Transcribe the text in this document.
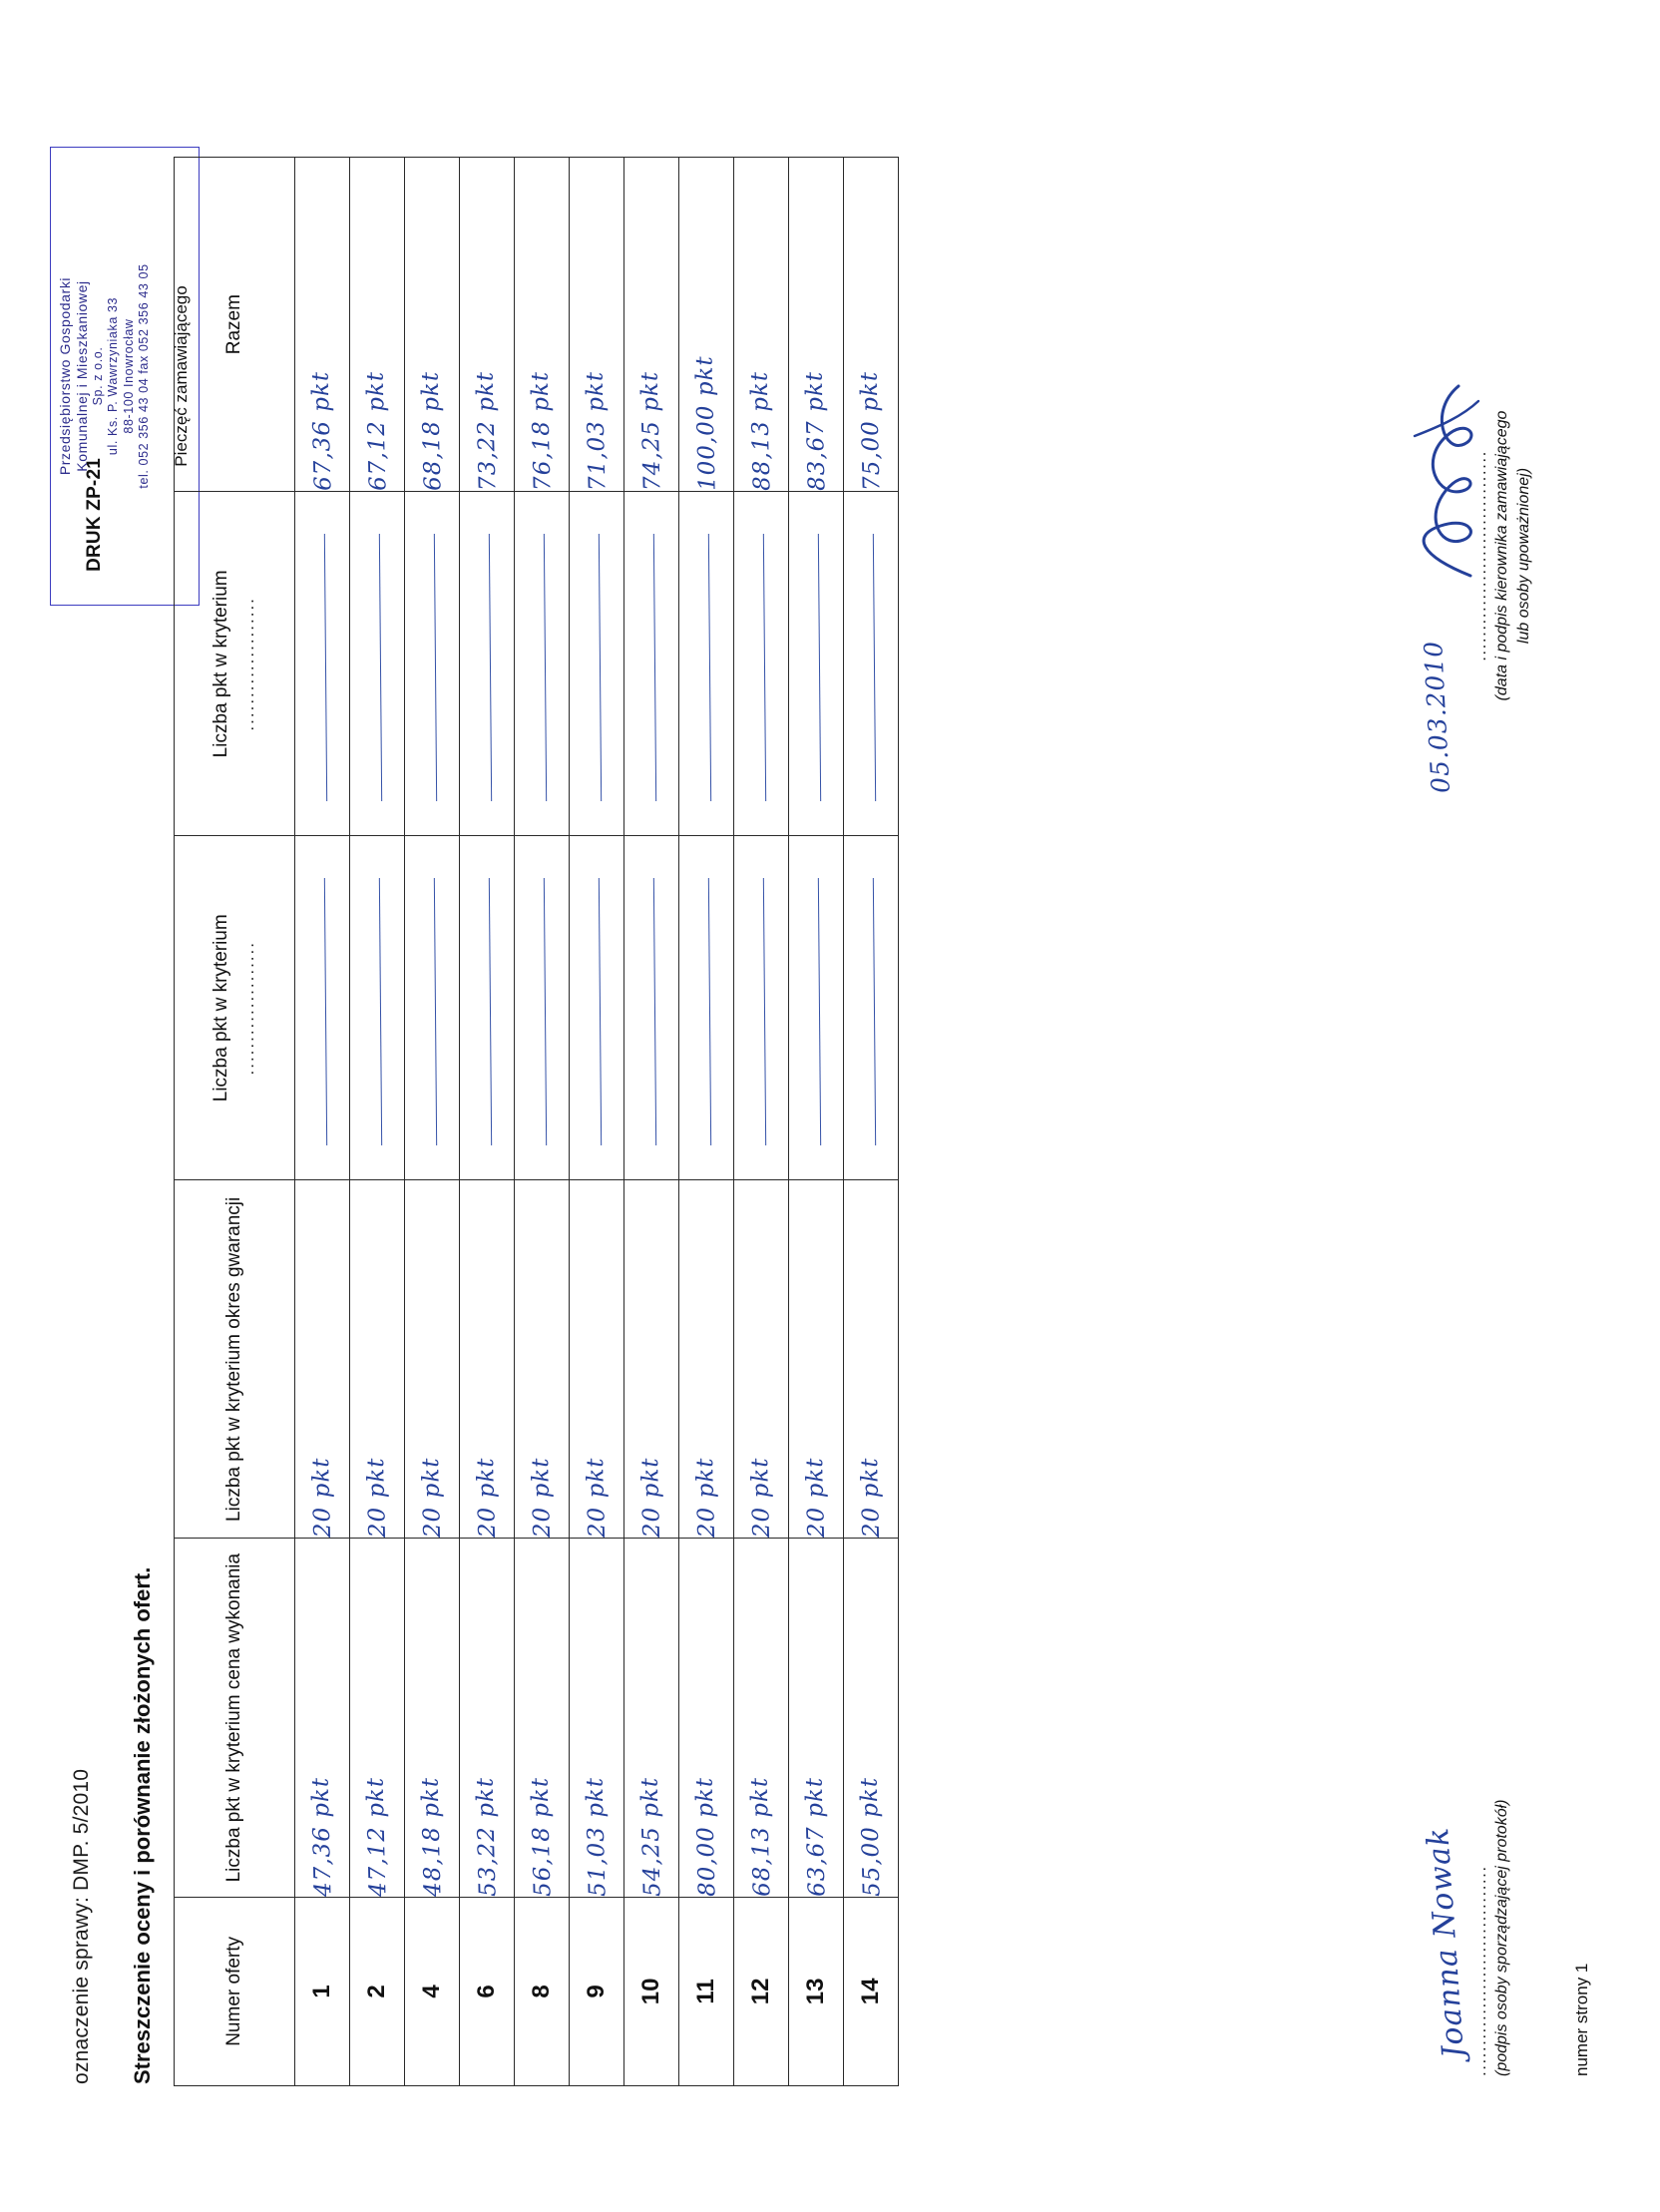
oznaczenie sprawy: DMP. 5/2010
DRUK ZP-21
Przedsiębiorstwo Gospodarki Komunalnej i Mieszkaniowej Sp. z o.o. ul. Ks. P. Wawrzyniaka 33 88-100 Inowrocław tel. 052 356 43 04 fax 052 356 43 05 Pieczęć zamawiającego
Streszczenie oceny i porównanie złożonych ofert.	Numer oferty	Liczba pkt w kryterium cena wykonania	Liczba pkt w kryterium okres gwarancji	Liczba pkt w kryterium ....................	Liczba pkt w kryterium ....................	Razem
1	47,36 pkt	20 pkt			67,36 pkt
2	47,12 pkt	20 pkt			67,12 pkt
4	48,18 pkt	20 pkt			68,18 pkt
6	53,22 pkt	20 pkt			73,22 pkt
8	56,18 pkt	20 pkt			76,18 pkt
9	51,03 pkt	20 pkt			71,03 pkt
10	54,25 pkt	20 pkt			74,25 pkt
11	80,00 pkt	20 pkt			100,00 pkt
12	68,13 pkt	20 pkt			88,13 pkt
13	63,67 pkt	20 pkt			83,67 pkt
14	55,00 pkt	20 pkt			75,00 pkt
Joanna Nowak
.................................. (podpis osoby sporządzającej protokół)
05.03.2010
.................................. (data i podpis kierownika zamawiającego lub osoby upoważnionej)
numer strony 1
